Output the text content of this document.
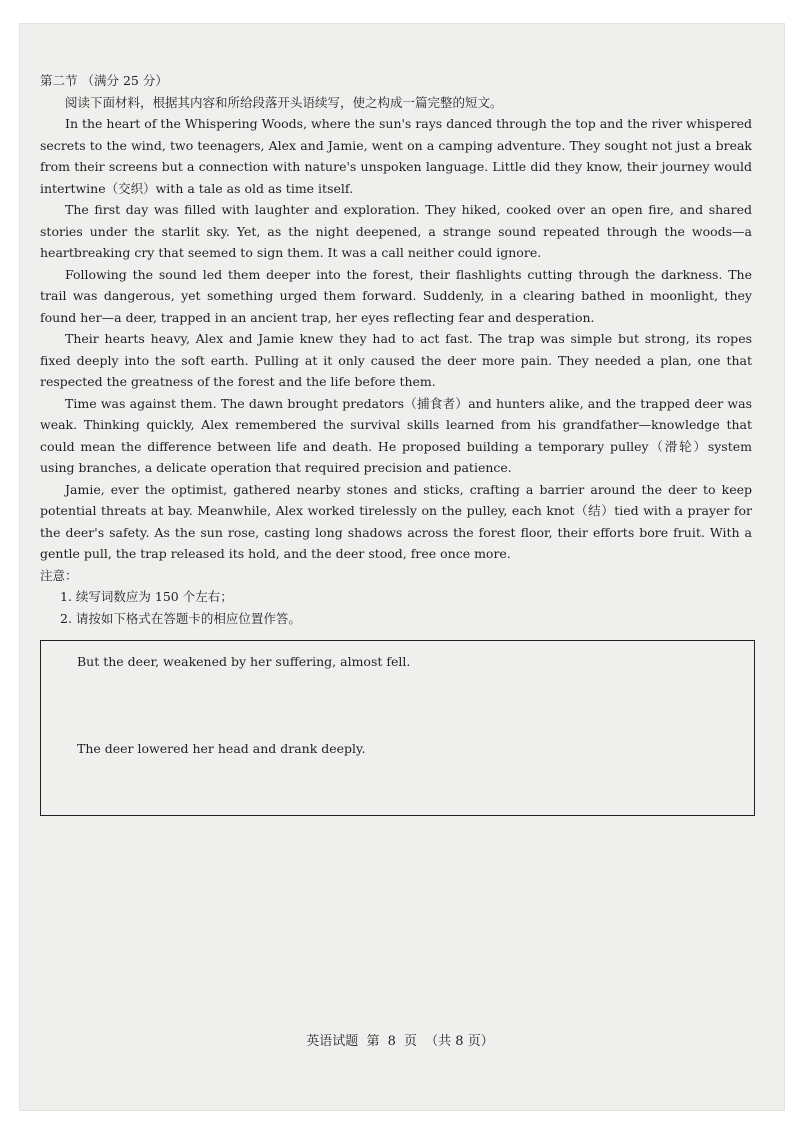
第二节 （满分 25 分）

阅读下面材料，根据其内容和所给段落开头语续写，使之构成一篇完整的短文。

In the heart of the Whispering Woods, where the sun's rays danced through the top and the river whispered secrets to the wind, two teenagers, Alex and Jamie, went on a camping adventure. They sought not just a break from their screens but a connection with nature's unspoken language. Little did they know, their journey would intertwine（交织）with a tale as old as time itself.

The first day was filled with laughter and exploration. They hiked, cooked over an open fire, and shared stories under the starlit sky. Yet, as the night deepened, a strange sound repeated through the woods—a heartbreaking cry that seemed to sign them. It was a call neither could ignore.

Following the sound led them deeper into the forest, their flashlights cutting through the darkness. The trail was dangerous, yet something urged them forward. Suddenly, in a clearing bathed in moonlight, they found her—a deer, trapped in an ancient trap, her eyes reflecting fear and desperation.

Their hearts heavy, Alex and Jamie knew they had to act fast. The trap was simple but strong, its ropes fixed deeply into the soft earth. Pulling at it only caused the deer more pain. They needed a plan, one that respected the greatness of the forest and the life before them.

Time was against them. The dawn brought predators（捕食者）and hunters alike, and the trapped deer was weak. Thinking quickly, Alex remembered the survival skills learned from his grandfather—knowledge that could mean the difference between life and death. He proposed building a temporary pulley（滑轮）system using branches, a delicate operation that required precision and patience.

Jamie, ever the optimist, gathered nearby stones and sticks, crafting a barrier around the deer to keep potential threats at bay. Meanwhile, Alex worked tirelessly on the pulley, each knot（结）tied with a prayer for the deer's safety. As the sun rose, casting long shadows across the forest floor, their efforts bore fruit. With a gentle pull, the trap released its hold, and the deer stood, free once more.

注意：
1. 续写词数应为 150 个左右；
2. 请按如下格式在答题卡的相应位置作答。
But the deer, weakened by her suffering, almost fell.
The deer lowered her head and drank deeply.
英语试题 第 8 页 （共 8 页）
